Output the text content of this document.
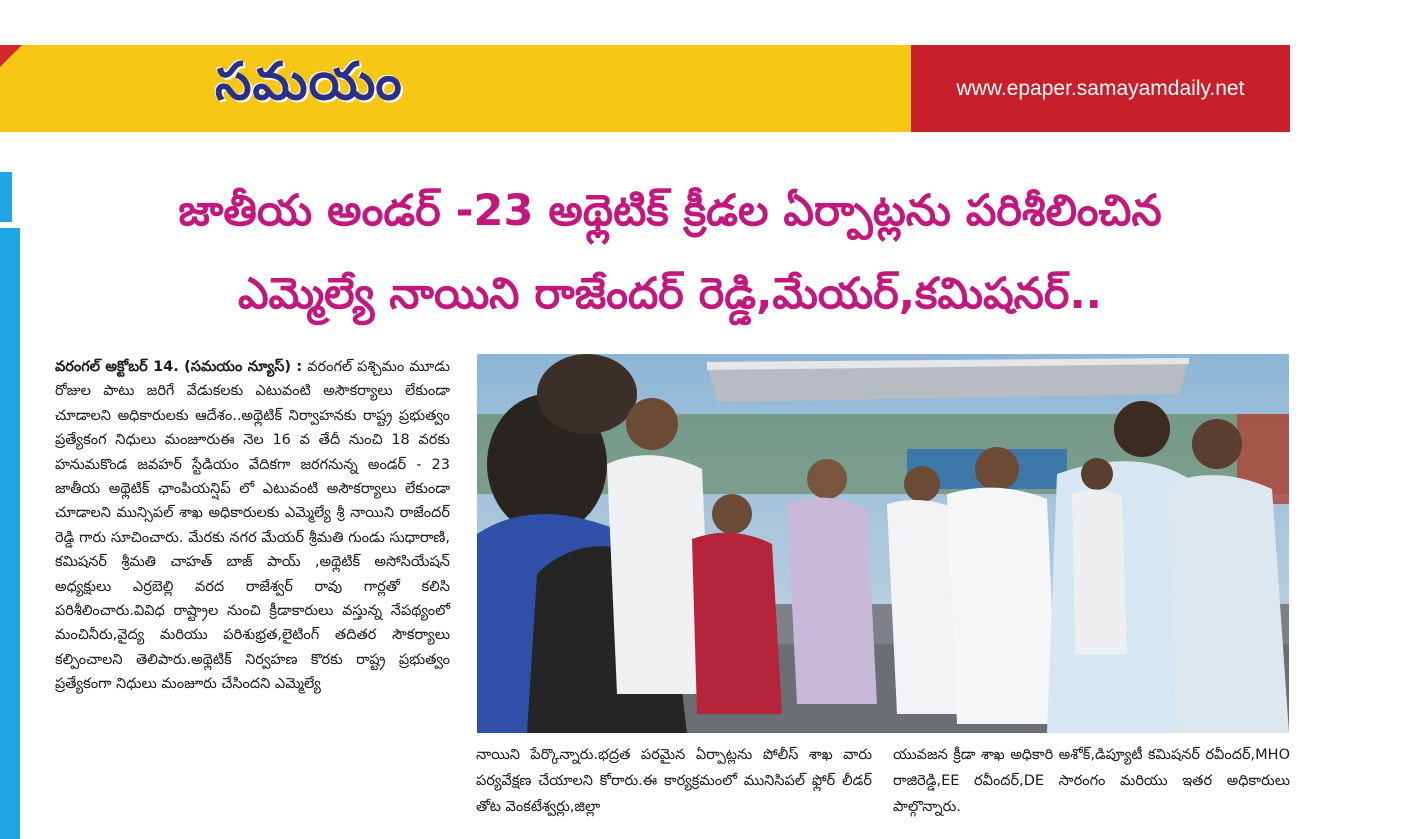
సమయం	www.epaper.samayamdaily.net
జాతీయ అండర్ -23 అథ్లెటిక్ క్రీడల ఏర్పాట్లను పరిశీలించిన
ఎమ్మెల్యే నాయిని రాజేందర్ రెడ్డి,మేయర్,కమిషనర్..
వరంగల్ అక్టోబర్ 14. (సమయం న్యూస్) : వరంగల్ పశ్చిమం మూడు రోజుల పాటు జరిగే వేడుకలకు ఎటువంటి అసౌకర్యాలు లేకుండా చూడాలని అధికారులకు ఆదేశం..అథ్లెటిక్ నిర్వాహనకు రాష్ట్ర ప్రభుత్వం ప్రత్యేకంగ నిధులు మంజూరుఈ నెల 16 వ తేదీ నుంచి 18 వరకు హనుమకొండ జవహర్ స్టేడియం వేదికగా జరగనున్న అండర్ - 23 జాతీయ అథ్లెటిక్ ఛాంపియన్షిప్ లో ఎటువంటి అసౌకర్యాలు లేకుండా చూడాలని మున్సిపల్ శాఖ అధికారులకు ఎమ్మెల్యే శ్రీ నాయిని రాజేందర్ రెడ్డి గారు సూచించారు. మేరకు నగర మేయర్ శ్రీమతి గుండు సుధారాణి, కమిషనర్ శ్రీమతి చాహత్ బాజ్ పాయ్ ,అథ్లెటిక్ అసోసియేషన్ అధ్యక్షులు ఎర్రబెల్లి వరద రాజేశ్వర్ రావు గార్లతో కలిసి పరిశీలించారు.వివిధ రాష్ట్రాల నుంచి క్రీడాకారులు వస్తున్న నేపథ్యంలో మంచినీరు,వైద్య మరియు పరిశుభ్రత,లైటింగ్ తదితర సౌకర్యాలు కల్పించాలని తెలిపారు.అథ్లెటిక్ నిర్వహణ కొరకు రాష్ట్ర ప్రభుత్వం ప్రత్యేకంగా నిధులు మంజూరు చేసిందని ఎమ్మెల్యే
నాయిని పేర్కొన్నారు.భద్రత పరమైన ఏర్పాట్లను పోలీస్ శాఖ వారు పర్యవేక్షణ చేయాలని కోరారు.ఈ కార్యక్రమంలో మునిసిపల్ ఫ్లోర్ లీడర్ తోట వెంకటేశ్వర్లు,జిల్లా
యువజన క్రీడా శాఖ అధికారి అశోక్,డిప్యూటీ కమిషనర్ రవీందర్,MHO రాజిరెడ్డి,EE రవీందర్,DE సారంగం మరియు ఇతర అధికారులు పాల్గొన్నారు.
